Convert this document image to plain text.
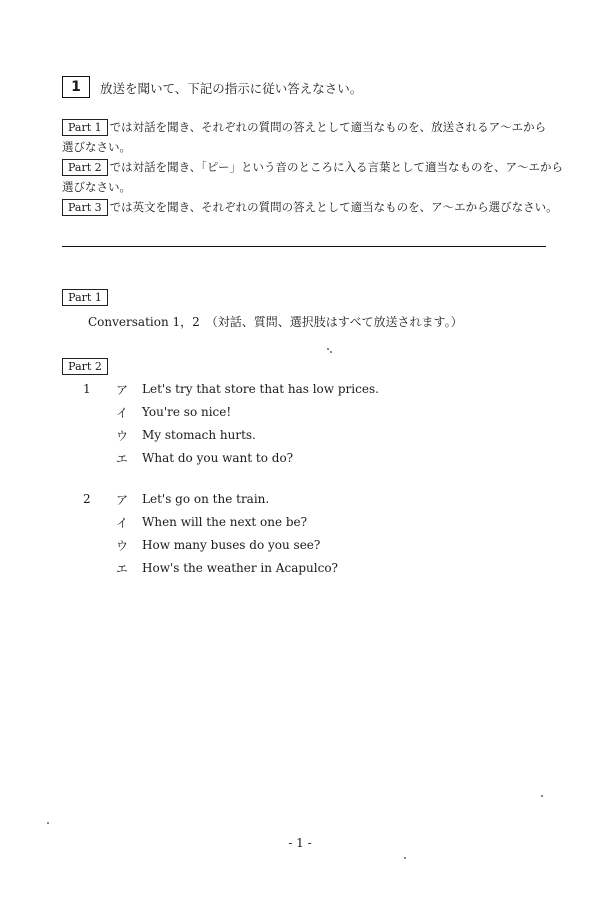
1 放送を聞いて、下記の指示に従い答えなさい。
Part 1 では対話を聞き、それぞれの質問の答えとして適当なものを、放送されるア～エから
選びなさい。
Part 2 では対話を聞き、「ピー」という音のところに入る言葉として適当なものを、ア～エから
選びなさい。
Part 3 では英文を聞き、それぞれの質問の答えとして適当なものを、ア～エから選びなさい。
Part 1
Conversation 1，2　（対話、質問、選択肢はすべて放送されます。）
Part 2
1 ア Let's try that store that has low prices.
イ You're so nice!
ウ My stomach hurts.
エ What do you want to do?
2 ア Let's go on the train.
イ When will the next one be?
ウ How many buses do you see?
エ How's the weather in Acapulco?
- 1 -
